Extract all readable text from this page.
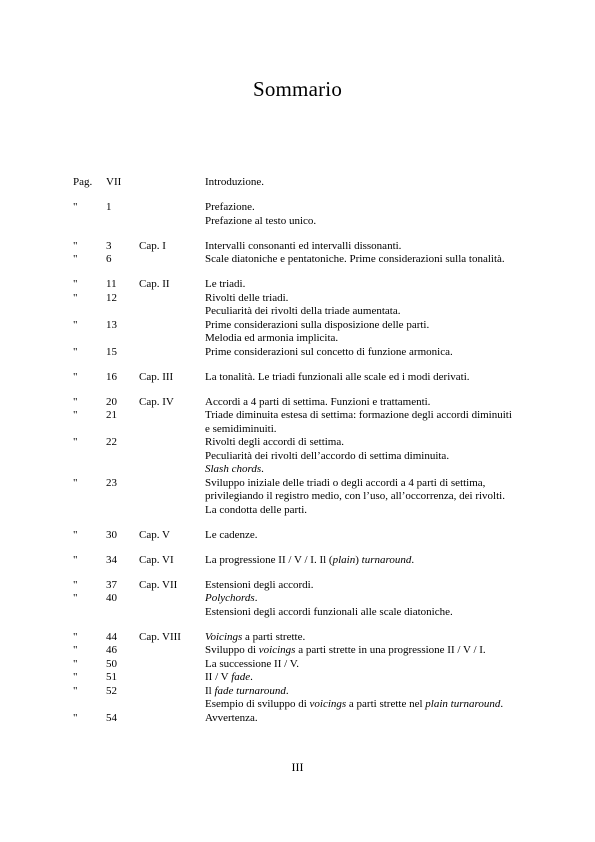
Sommario
Pag. VII	Introduzione.
"	1	Prefazione.
Prefazione al testo unico.
"	3	Cap. I	Intervalli consonanti ed intervalli dissonanti.
"	6	Scale diatoniche e pentatoniche. Prime considerazioni sulla tonalità.
"	11 Cap. II	Le triadi.
"	12	Rivolti delle triadi.
Peculiarità dei rivolti della triade aumentata.
"	13	Prime considerazioni sulla disposizione delle parti.
Melodia ed armonia implicita.
"	15	Prime considerazioni sul concetto di funzione armonica.
"	16 Cap. III	La tonalità. Le triadi funzionali alle scale ed i modi derivati.
"	20 Cap. IV	Accordi a 4 parti di settima. Funzioni e trattamenti.
"	21	Triade diminuita estesa di settima: formazione degli accordi diminuiti
e semidiminuiti.
"	22	Rivolti degli accordi di settima.
Peculiarità dei rivolti dell’accordo di settima diminuita.
Slash chords.
"	23	Sviluppo iniziale delle triadi o degli accordi a 4 parti di settima,
privilegiando il registro medio, con l’uso, all’occorrenza, dei rivolti.
La condotta delle parti.
"	30 Cap. V	Le cadenze.
"	34 Cap. VI	La progressione II / V / I. Il (plain) turnaround.
"	37 Cap. VII	Estensioni degli accordi.
"	40	Polychords.
Estensioni degli accordi funzionali alle scale diatoniche.
"	44 Cap. VIII Voicings a parti strette.
"	46	Sviluppo di voicings a parti strette in una progressione II / V / I.
"	50	La successione II / V.
"	51	II / V fade.
"	52	Il fade turnaround.
Esempio di sviluppo di voicings a parti strette nel plain turnaround.
"	54	Avvertenza.
III
